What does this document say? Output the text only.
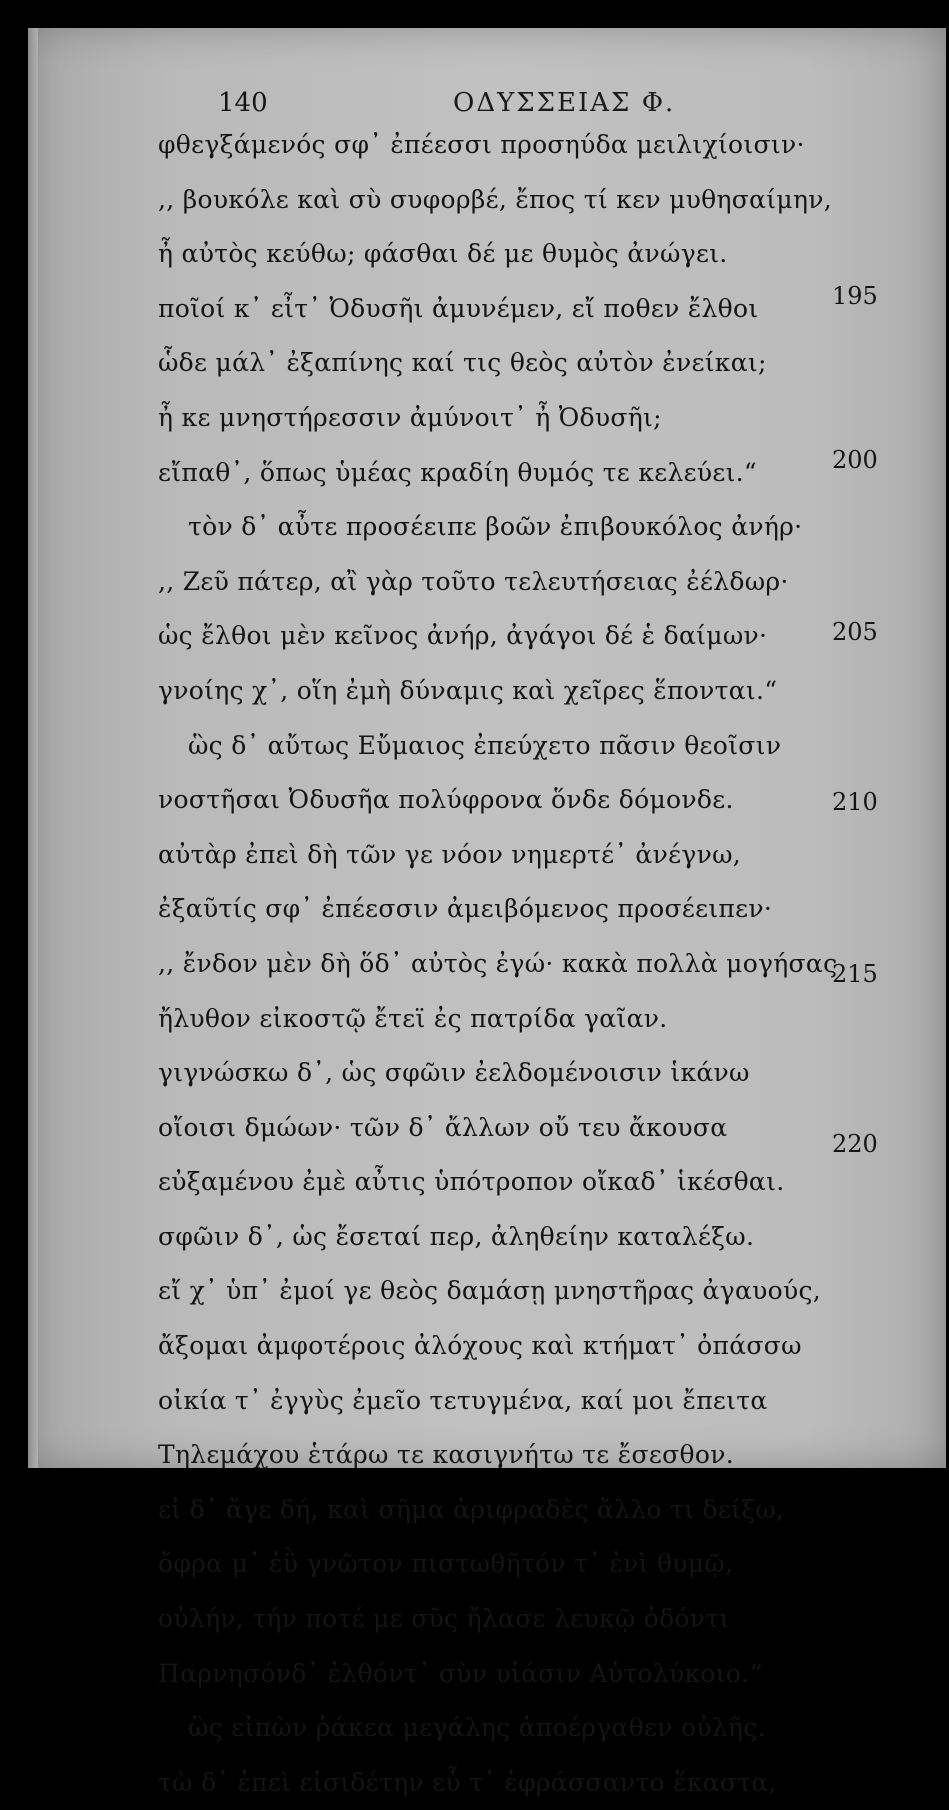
140	ΟΔΥΣΣΕΙΑΣ Φ.
φθεγξάμενός σφ᾽ ἐπέεσσι προσηύδα μειλιχίοισιν·
,, βουκόλε καὶ σὺ συφορβέ, ἔπος τί κεν μυθησαίμην,
ἦ αὐτὸς κεύθω; φάσθαι δέ με θυμὸς ἀνώγει.
ποῖοί κ᾽ εἶτ᾽ Ὀδυσῆι ἀμυνέμεν, εἴ ποθεν ἔλθοι
ὧδε μάλ᾽ ἐξαπίνης καί τις θεὸς αὐτὸν ἐνείκαι;
ἦ κε μνηστήρεσσιν ἀμύνοιτ᾽ ἦ Ὀδυσῆι;
εἴπαθ᾽, ὅπως ὑμέας κραδίη θυμός τε κελεύει.“
τὸν δ᾽ αὖτε προσέειπε βοῶν ἐπιβουκόλος ἀνήρ·
,, Ζεῦ πάτερ, αἲ γὰρ τοῦτο τελευτήσειας ἐέλδωρ·
ὡς ἔλθοι μὲν κεῖνος ἀνήρ, ἀγάγοι δέ ἑ δαίμων·
γνοίης χ᾽, οἵη ἐμὴ δύναμις καὶ χεῖρες ἕπονται.“
ὣς δ᾽ αὔτως Εὔμαιος ἐπεύχετο πᾶσιν θεοῖσιν
νοστῆσαι Ὀδυσῆα πολύφρονα ὅνδε δόμονδε.
αὐτὰρ ἐπεὶ δὴ τῶν γε νόον νημερτέ᾽ ἀνέγνω,
ἐξαῦτίς σφ᾽ ἐπέεσσιν ἀμειβόμενος προσέειπεν·
,, ἔνδον μὲν δὴ ὅδ᾽ αὐτὸς ἐγώ· κακὰ πολλὰ μογήσας
ἤλυθον εἰκοστῷ ἔτεϊ ἐς πατρίδα γαῖαν.
γιγνώσκω δ᾽, ὡς σφῶιν ἐελδομένοισιν ἱκάνω
οἴοισι δμώων· τῶν δ᾽ ἄλλων οὔ τευ ἄκουσα
εὐξαμένου ἐμὲ αὖτις ὑπότροπον οἴκαδ᾽ ἱκέσθαι.
σφῶιν δ᾽, ὡς ἔσεταί περ, ἀληθείην καταλέξω.
εἴ χ᾽ ὑπ᾽ ἐμοί γε θεὸς δαμάσῃ μνηστῆρας ἀγαυούς,
ἄξομαι ἀμφοτέροις ἀλόχους καὶ κτήματ᾽ ὀπάσσω
οἰκία τ᾽ ἐγγὺς ἐμεῖο τετυγμένα, καί μοι ἔπειτα
Τηλεμάχου ἑτάρω τε κασιγνήτω τε ἔσεσθον.
εἰ δ᾽ ἄγε δή, καὶ σῆμα ἀριφραδὲς ἄλλο τι δείξω,
ὄφρα μ᾽ ἐῢ γνῶτον πιστωθῆτόν τ᾽ ἐνὶ θυμῷ,
οὐλήν, τήν ποτέ με σῦς ἤλασε λευκῷ ὀδόντι
Παρνησόνδ᾽ ἐλθόντ᾽ σὺν υἱάσιν Αὐτολύκοιο.“
ὣς εἰπὼν ῥάκεα μεγάλης ἀποέργαθεν οὐλῆς.
τὼ δ᾽ ἐπεὶ εἰσιδέτην εὖ τ᾽ ἐφράσσαντο ἕκαστα,
195
200
205
210
215
220
